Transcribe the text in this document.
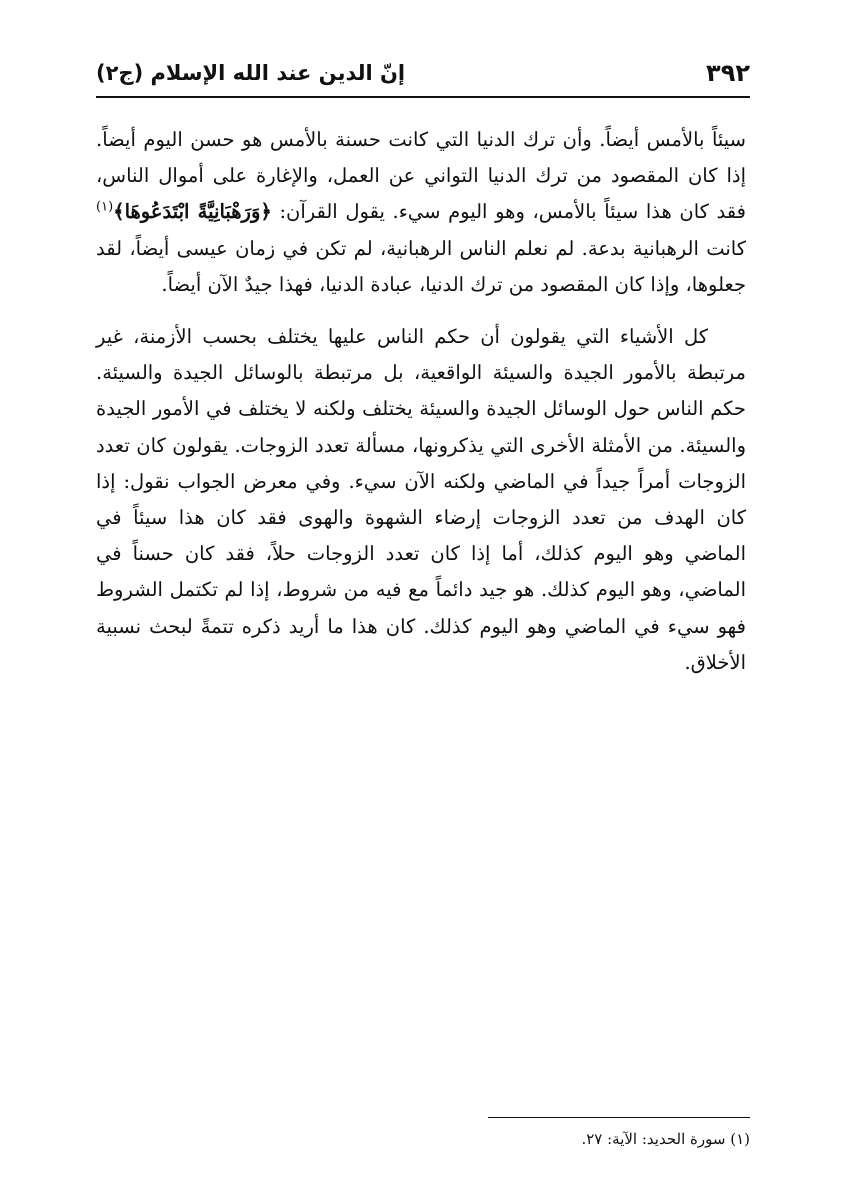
٣٩٢
إنّ الدين عند الله الإسلام (ج٢)

سيئاً بالأمس أيضاً. وأن ترك الدنيا التي كانت حسنة بالأمس هو حسن اليوم أيضاً. إذا كان المقصود من ترك الدنيا التواني عن العمل، والإغارة على أموال الناس، فقد كان هذا سيئاً بالأمس، وهو اليوم سيء. يقول القرآن: ﴿وَرَهْبَانِيَّةً ابْتَدَعُوهَا﴾$^{(١)}$ كانت الرهبانية بدعة. لم نعلم الناس الرهبانية، لم تكن في زمان عيسى أيضاً، لقد جعلوها، وإذا كان المقصود من ترك الدنيا، عبادة الدنيا، فهذا جيدٌ الآن أيضاً.

كل الأشياء التي يقولون أن حكم الناس عليها يختلف بحسب الأزمنة، غير مرتبطة بالأمور الجيدة والسيئة الواقعية، بل مرتبطة بالوسائل الجيدة والسيئة. حكم الناس حول الوسائل الجيدة والسيئة يختلف ولكنه لا يختلف في الأمور الجيدة والسيئة. من الأمثلة الأخرى التي يذكرونها، مسألة تعدد الزوجات. يقولون كان تعدد الزوجات أمراً جيداً في الماضي ولكنه الآن سيء. وفي معرض الجواب نقول: إذا كان الهدف من تعدد الزوجات إرضاء الشهوة والهوى فقد كان هذا سيئاً في الماضي وهو اليوم كذلك، أما إذا كان تعدد الزوجات حلاً، فقد كان حسناً في الماضي، وهو اليوم كذلك. هو جيد دائماً مع فيه من شروط، إذا لم تكتمل الشروط فهو سيء في الماضي وهو اليوم كذلك. كان هذا ما أريد ذكره تتمةً لبحث نسبية الأخلاق.

(١) سورة الحديد: الآية: ٢٧.
